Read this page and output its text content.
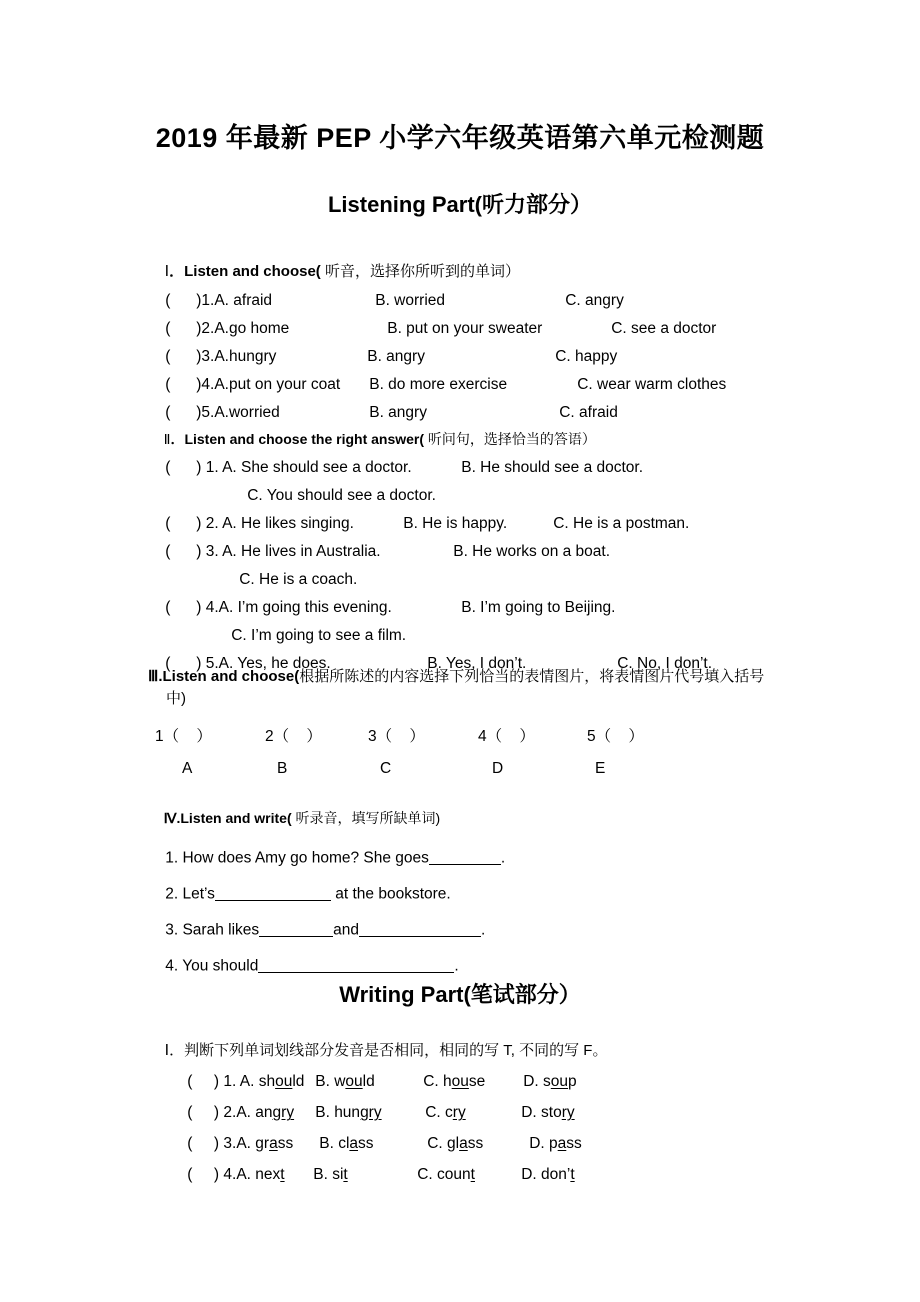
2019 年最新 PEP 小学六年级英语第六单元检测题
Listening Part(听力部分）

Ⅰ．Listen and choose( 听音，选择你所听到的单词）

(      )1.A. afraid	B. worried	C. angry

(      )2.A.go home	B. put on your sweater	C. see a doctor

(      )3.A.hungry	B. angry	C. happy

(      )4.A.put on your coat B. do more exercise	C. wear warm clothes

(      )5.A.worried	B. angry	C. afraid

Ⅱ．Listen and choose the right answer( 听问句，选择恰当的答语）

(      ) 1. A. She should see a doctor.	B. He should see a doctor.

C. You should see a doctor.

(      ) 2. A. He likes singing.	B. He is happy.	C. He is a postman.

(      ) 3. A. He lives in Australia.	B. He works on a boat.

C. He is a coach.

(      ) 4.A. I’m going this evening.	B. I’m going to Beijing.

C. I’m going to see a film.

(      ) 5.A. Yes, he does.	B. Yes, I don’t.	C. No, I don’t.

Ⅲ.Listen and choose(根据所陈述的内容选择下列恰当的表情图片，将表情图片代号填入括号
中)
1（    ）	2（    ）	3（    ）	4（    ）	5（    ）
A	B	C	D	E

Ⅳ.Listen and write( 听录音，填写所缺单词)

1. How does Amy go home? She goes	.

2. Let’s	at the bookstore.

3. Sarah likes	and	.

4. You should	.

Writing Part(笔试部分）

Ⅰ．判断下列单词划线部分发音是否相同，相同的写 T, 不同的写 F。

(     ) 1. A. should B. would	C. house D. soup

(     ) 2.A. angry B. hungry	C. cry	D. story

(     ) 3.A. grass B. class	C. glass	D. pass

(     ) 4.A. next B. sit	C. count	D. don’t
